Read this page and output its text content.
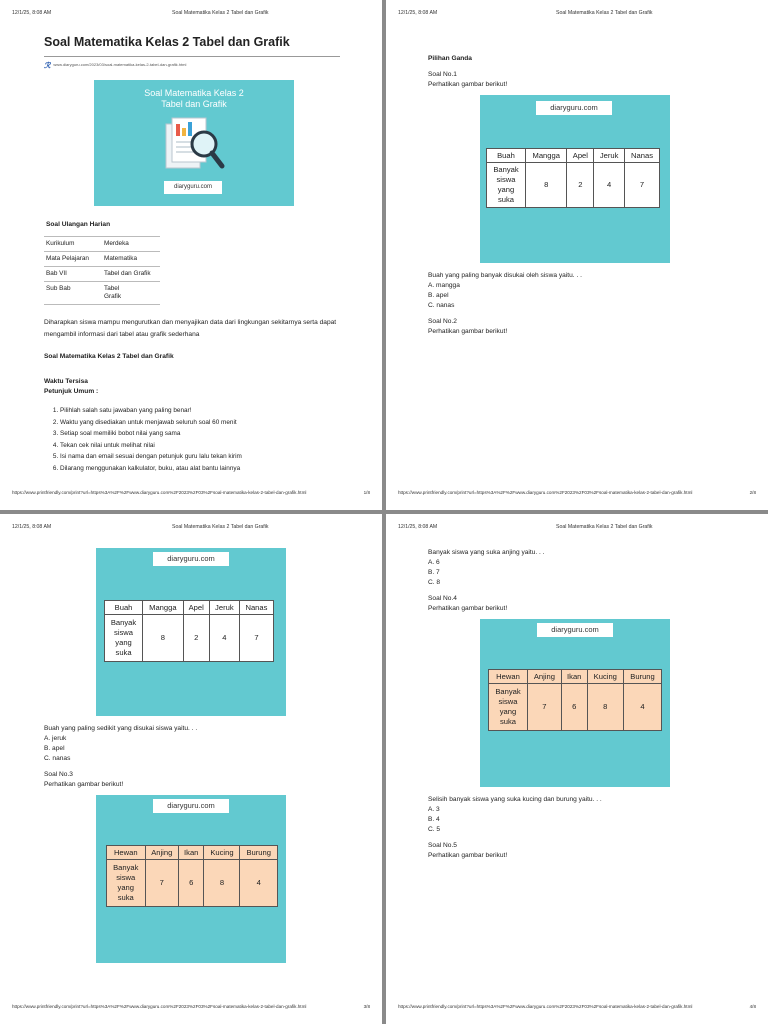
12/1/25, 8:08 AM	Soal Matematika Kelas 2 Tabel dan Grafik
Soal Matematika Kelas 2 Tabel dan Grafik
ℛ www.diaryguru.com/2023/03/soal-matematika-kelas-2-tabel-dan-grafik.html
Soal Matematika Kelas 2
Tabel dan Grafik
diaryguru.com
Soal Ulangan Harian
Kurikulum	Merdeka
Mata Pelajaran	Matematika
Bab VII	Tabel dan Grafik
Sub Bab	Tabel
Grafik
Diharapkan siswa mampu mengurutkan dan menyajikan data dari lingkungan sekitarnya serta dapat mengambil informasi dari tabel atau grafik sederhana
Soal Matematika Kelas 2 Tabel dan Grafik
Waktu Tersisa
Petunjuk Umum :
1. Pilihlah salah satu jawaban yang paling benar!
2. Waktu yang disediakan untuk menjawab seluruh soal 60 menit
3. Setiap soal memiliki bobot nilai yang sama
4. Tekan cek nilai untuk melihat nilai
5. Isi nama dan email sesuai dengan petunjuk guru lalu tekan kirim
6. Dilarang menggunakan kalkulator, buku, atau alat bantu lainnya
https://www.printfriendly.com/print?url=https%3A%2F%2Fwww.diaryguru.com%2F2023%2F03%2Fsoal-matematika-kelas-2-tabel-dan-grafik.html	1/8
12/1/25, 8:08 AM	Soal Matematika Kelas 2 Tabel dan Grafik
Pilihan Ganda
Soal No.1
Perhatikan gambar berikut!
diaryguru.com
Buah	Mangga	Apel	Jeruk	Nanas
Banyak
siswa
yang
suka	8	2	4	7
Buah yang paling banyak disukai oleh siswa yaitu. . .
A. mangga
B. apel
C. nanas
Soal No.2
Perhatikan gambar berikut!
https://www.printfriendly.com/print?url=https%3A%2F%2Fwww.diaryguru.com%2F2023%2F03%2Fsoal-matematika-kelas-2-tabel-dan-grafik.html	2/8
12/1/25, 8:08 AM	Soal Matematika Kelas 2 Tabel dan Grafik
diaryguru.com
Buah	Mangga	Apel	Jeruk	Nanas
Banyak
siswa
yang
suka	8	2	4	7
Buah yang paling sedikit yang disukai siswa yaitu. . .
A. jeruk
B. apel
C. nanas
Soal No.3
Perhatikan gambar berikut!
diaryguru.com
Hewan	Anjing	Ikan	Kucing	Burung
Banyak
siswa
yang
suka	7	6	8	4
https://www.printfriendly.com/print?url=https%3A%2F%2Fwww.diaryguru.com%2F2023%2F03%2Fsoal-matematika-kelas-2-tabel-dan-grafik.html	3/8
12/1/25, 8:08 AM	Soal Matematika Kelas 2 Tabel dan Grafik
Banyak siswa yang suka anjing yaitu. . .
A. 6
B. 7
C. 8
Soal No.4
Perhatikan gambar berikut!
diaryguru.com
Hewan	Anjing	Ikan	Kucing	Burung
Banyak
siswa
yang
suka	7	6	8	4
Selisih banyak siswa yang suka kucing dan burung yaitu. . .
A. 3
B. 4
C. 5
Soal No.5
Perhatikan gambar berikut!
https://www.printfriendly.com/print?url=https%3A%2F%2Fwww.diaryguru.com%2F2023%2F03%2Fsoal-matematika-kelas-2-tabel-dan-grafik.html	4/8
